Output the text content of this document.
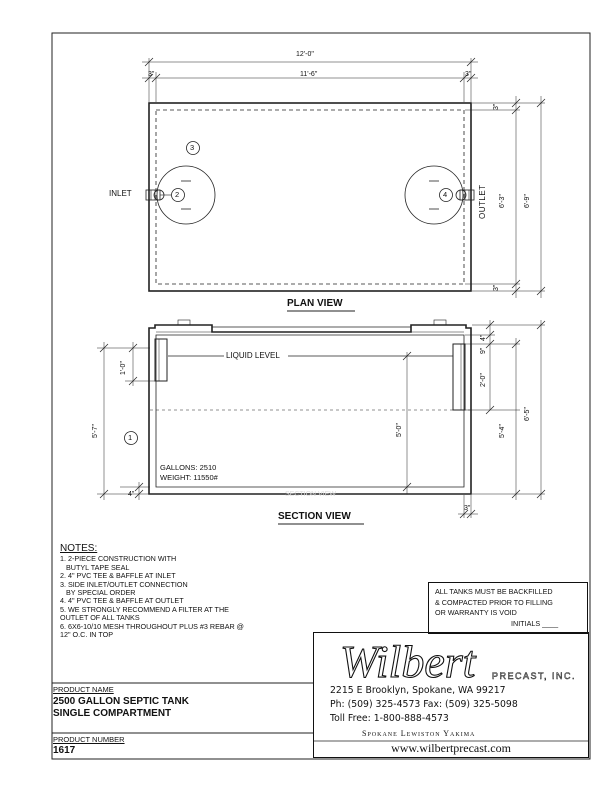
12'-0"
11'-6"
3"	3"
3"
3"
6'-3"	6'-9"
INLET	OUTLET
3
2	4
PLAN VIEW
LIQUID LEVEL
4"
9"
2'-0"
5'-4"
6'-5"
5'-0"
5'-7"
1'-0"
4"
3"
1
GALLONS: 2510
WEIGHT: 11550#
SECTION VIEW
SECTION VIEW
NOTES:
1. 2-PIECE CONSTRUCTION WITH
BUTYL TAPE SEAL
2. 4" PVC TEE & BAFFLE AT INLET
3. SIDE INLET/OUTLET CONNECTION
BY SPECIAL ORDER
4. 4" PVC TEE & BAFFLE AT OUTLET
5. WE STRONGLY RECOMMEND A FILTER AT THE
OUTLET OF ALL TANKS
6. 6X6-10/10 MESH THROUGHOUT PLUS #3 REBAR @
12" O.C. IN TOP
ALL TANKS MUST BE BACKFILLED
& COMPACTED PRIOR TO FILLING
OR WARRANTY IS VOID
INITIALS ____
PRODUCT NAME
2500 GALLON SEPTIC TANK
SINGLE COMPARTMENT
PRODUCT NUMBER
1617
Wilbert PRECAST, INC.
2215 E Brooklyn, Spokane, WA 99217
Ph: (509) 325-4573 Fax: (509) 325-5098
Toll Free: 1-800-888-4573
Spokane Lewiston Yakima
www.wilbertprecast.com
